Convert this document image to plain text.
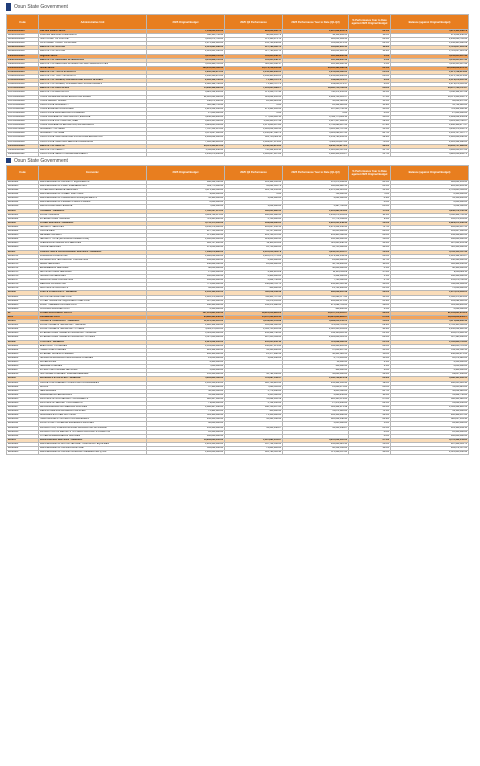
Osun State Government
Code	Administrative Unit	2025 Original Budget	2025 Q2 Performance	2025 Performance Year to Date (Q1-Q2)	% Performance Year to Date against 2025 Original Budget	Balance (against Original Budget)
0000000000000	Law and Justice Sector	7,139,603,035.00	881,043,630.71	1,867,022,261.78	26.1%	5,272,141,358.78
0100100000100	JUDICIAL SERVICE COMMISSION	568,163,743.00	48,008,103.72	94,119,484.35	16.6%	474,044,258.65
0100100100100	HIGH COURT OF JUSTICE	3,045,271,793.00	373,126,174.70	803,251,009.34	26.4%	2,242,020,783.66
0100100200100	CUSTOMARY COURT OF APPEAL	1,473,934,883.00	141,726,446.88	331,009,874.31	22.5%	1,142,925,008.69
0100200000000	MINISTRY OF JUSTICE	2,124,681,338.00	317,796,483.70	400,831,916.41	18.9%	1,723,817,613.59
0100200100100	MINISTRY OF JUSTICE	2,124,681,338.00	317,796,483.70	400,831,916.41	18.9%	1,723,817,613.59
0400000000000	Regional Sector	3,341,928,712.00	116,345,346.17	185,148,902.58	5.5%	3,156,355,607.42
0400100000000	MINISTRY OF REGIONAL INTEGRATION	3,341,928,712.00	116,345,346.17	185,148,902.58	5.5%	3,156,355,607.42
0400100100100	MINISTRY OF REGIONAL INTEGRATION AND SPECIAL DUTIES	3,341,928,712.00	116,345,346.17	185,148,902.58	5.5%	3,156,355,607.42
0500000000000	Social Sector	180,841,336,583.00	14,779,748,650.38	36,402,490,368.59	20.1%	144,438,848,214.41
0510000000000	MINISTRY OF YOUTH & SPORTS	1,930,566,270.00	1,044,483,263.05	1,254,646,490.04	21.0%	1,675,749,879.96
0510100100100	MINISTRY OF YOUTH & SPORTS	1,930,566,270.00	1,044,483,263.05	1,254,646,490.04	21.0%	1,675,749,879.96
0514000000000	MINISTRY OF WOMEN, CHILDREN AND SOCIAL AFFAIRS	2,618,122,760.00	71,183,707.73	139,066,579.57	6.0%	2,479,076,305.43
0514100100100	MINISTRY OF WOMEN, CHILDREN AND SOCIAL AFFAIRS	2,618,122,760.00	71,183,707.73	139,066,579.57	6.0%	2,479,076,305.43
0517000000000	MINISTRY OF EDUCATION	55,938,489,092.00	7,661,665,098.27	18,380,753,793.03	24.8%	36,657,736,547.97
0517100100100	MINISTRY OF EDUCATION	6,823,512,463.00	371,318,747.46	760,471,453.01	13.5%	5,346,162,007.99
0517100200100	STATE UNIVERSAL BASIC EDUCATION BOARD	22,120,021,080.00	614,862,463.04	2,999,740,081.37	17.1%	16,571,340,845.71
0517100600100	STATE LIBRARY BOARD	148,871,960.00	26,380,024.92	56,052,522.09	15.5%	92,819,437.91
0517101000100	OSUN STATE UNIVERSITY	118,399,755.00	0.00	16,544,810.00	13.9%	55,714,810.00
0517101100100	STATE EXAMINATIONS BOARD	1,221,352,030.00	471,421,183.06	857,465,743.52	45.6%	714,402,866.48
0517101200100	OSUN STATE MASS EDUCATION AGENCY	27,000,000.00	0.00	0.00	0.0%	27,000,000.00
0517101400100	STATE COLLEGE OF TECHNOLOGY, ESA-OKE	3,246,388,200.00	777,038,095.13	1,356,775,963.11	41.8%	1,889,612,236.89
0517100800100	OSUN STATE POLYTECHNIC, IREE	4,912,385,380.00	1,111,386,147.49	1,917,507,889.33	39.4%	3,001,586,790.67
0517102100100	STATE COLLEGE OF EDUCATION, ILA-ORANGUN	4,024,845,345.00	1,071,886,107.88	1,734,696,867.53	67.9%	1,290,148,477.47
0517102700100	UNIVERSITY OF ILESA	7,147,511,870.00	1,803,854,393.36	5,005,161,797.36	53.5%	3,442,370,653.70
0517102800100	UNIVERSITY OF IKIRE	4,372,827,000.00	1,130,897,568.78	3,681,098,067.10	28.7%	1,051,787,567.77
0517105500100	OSUN STATE TECHNICAL AND VOCATIONAL EDUCATION	2,962,842,000.00	285,705,328.11	1,159,793,941.55	49.9%	1,803,048,058.45
0517106000100	OSUN STATE TEACHING SERVICE COMMISSION	7,606,396,985.00	1,089,617,079.00	5,601,034,117.00	73.6%	2,005,362,868.00
0521000000000	MINISTRY OF HEALTH	23,578,403,870.00	2,546,504,979.60	9,943,754,977.25	38.3%	13,634,717,893.60
0521100100100	MINISTRY OF HEALTH	1,111,884,440.00	750,362,201.50	1,016,683,597.86	41.7%	3,992,230,657.66
0521100800100	OSUN STATE HEALTH INSURANCE AGENCY	1,450,076,950.00	1,083,847,867.04	1,986,958,035.27	31.7%	3,420,018,294.73
Osun State Government
Code	Economic	2025 Original Budget	2025 Q2 Performance	2025 Performance Year to Date (Q1-Q2)	% Performance Year to Date against 2025 Original Budget	Balance (against Original Budget)
22020404	MAINTENANCE OF OFFICE / IT EQUIPMENTS	860,534,530.00	101,164,345.00	178,673,649.00	20.5%	683,841,851.00
22020405	MAINTENANCE OF PLANTS/GENERATORS	309,775,000.00	63,821,303.72	106,209,928.54	23.3%	285,505,491.46
22020499	OTHER MAINTENANCE SERVICES	3,871,140,500.00	801,752,133.00	2,170,534,613.00	56.1%	1,701,885,584.00
22020412	MAINTENANCE OF STREET LIGHTINGS	9,000,000.00	0.00	700,000.00	7.8%	8,300,000.00
22020413	MAINTENANCE OF COMMUNICATION EQUIPMENTS	45,180,000.00	1,012,800.00	4,021,600.00	8.9%	41,158,400.00
22020414	MAINTENANCE OF PRIMARY/PUBLIC PLACES	8,000,000.00			0.0%	8,000,000.00
22020419	MINOR ROAD MAINTENANCE	7,004,000.00	1,054,000.00	5,997,700.00	85.6%	6,012,300.00
220205	TRAINING - GENERAL	7,530,567,070.00	480,201,890.00	1,291,994,524.82	17.2%	6,238,572,545.18
22020501	LOCAL TRAINING	6,809,749,875.00	480,001,890.00	1,234,270,191.82	18.1%	5,566,484,763.18
22020502	INTERNATIONAL TRAINING	721,465,200.00	3,700,000.00	67,774,349.00	9.4%	653,670,851.00
220206	OTHER SERVICES - GENERAL	6,741,175,400.00	609,608,082.81	2,912,001,249.42	50.0%	2,829,371,658.58
22020601	SECURITY SERVICES	4,142,579,000.00	205,867,136.56	2,272,352,132.45	76.7%	963,223,867.55
22020602	OFFICE RENT	217,700,000.00	55,707,000.00	56,613,000.00	26.0%	181,087,000.00
22020603	RESIDENTIAL RENT	375,900,000.00	201,740,578.00	231,485,580.00	61.6%	144,419,422.00
22020604	SECURITY VOTE (INCLUDING OPERATIONS)	1,000,000,000.00	129,000,000.00	163,120,000.00	51.8%	836,880,000.00
22020605	CLEANING & FUMIGATION SERVICES	802,707,400.00	50,011,113.86	115,665,448.51	34.4%	687,041,951.49
22020606	OFFICE SERVICES	174,250,000.00	10,750,800.00	63,755,600.00	42.2%	110,500,000.00
220207	CONSULTING & PROFESSIONAL SERVICES - GENERAL	7,638,676,980.00	2,010,253,529.79	3,844,515,013.57	50.3%	3,794,154,537.43
22020701	FINANCIAL CONSULTING	1,880,819,000.00	1,410,075,773.86	2,379,132,149.12	61.0%	1,091,122,613.87
22020702	INFORMATION TECHNOLOGY CONSULTING	162,600,000.00	4,500,000.00	22,280,000.00	13.7%	140,320,000.00
22020703	LEGAL SERVICES	440,289,360.00	26,009,800.00	46,759,200.00	10.6%	393,489,160.00
22020704	ENGINEERING SERVICES	98,250,000.00		38,000,000.00	0.1%	98,100,000.00
22020705	ARCHITECTURAL SERVICES	17,200,000.00	4,104,415.89	11,113,311.89	47.2%	9,086,884.11
22020706	SURVEYING SERVICES	100,000,000.00	2,900,000.00	3,412,000.00	3.1%	196,588,000.00
22020707	AGRICULTURAL CONSULTING	163,000,000.00	3,602,750.00	7,723,300.00	4.7%	155,276,700.00
22020708	MEDICAL CONSULTING	775,600,000.00	138,828,705.75	232,965,310.96	30.0%	542,634,689.04
22020709	AUDITING OF ACCOUNTS	92,600,000.00	950,000.00	21,761,200.00	23.5%	70,838,800.00
220208	FUEL & LUBRICANTS - GENERAL	2,434,160,000.00	580,259,169.39	986,268,805.39	36.6%	1,857,876,094.61
22020801	MOTOR VEHICLE FUEL COST	1,805,170,000.00	311,901,707.00	700,690,577.00	38.3%	1,392,473,221.00
22020802	OTHER TRANSPORT EQUIPMENT FUEL COST	307,450,000.00	61,378,355.00	202,684,675.00	65.9%	104,294,895.00
22020803	PLANT / GENERATOR FUEL COST	938,440,000.00	132,471,088.23	275,094,781.25	32.8%	561,346,218.80
22020806	COOKING GAS/FUEL COST	6,500,000.00		420,400.00	6.5%	6,069,600.00
22	OTHER RECURRENT COSTS	137,301,961,060.00	19,814,056,928.26	46,137,176,013.67	33.6%	91,164,861,951.23
2201	OVERHEAD COST	85,890,461,940.00	15,137,560,861.44	23,325,604,994.67	27.2%	58,564,856,945.27
220201	TRAVEL & TRANSPORT - GENERAL	11,378,533,310.00	3,459,634,104.99	6,399,053,153.51	55.8%	5,371,828,806.46
22020101	LOCAL TRAVEL & TRANSPORT: TRAINING	1,428,102,000.00	635,062,300.00	721,059,715.00	29.9%	1,702,145,383.00
22020102	LOCAL TRAVEL & TRANSPORT: OTHERS	4,801,378,110.00	1,584,753,403.99	2,310,363,191.86	48.9%	2,430,014,918.44
22020103	INTERNATIONAL TRAVEL & TRANSPORT: TRAINING	1,112,000,000.00	232,462,742.00	256,126,116.50	21.1%	955,873,883.50
22020104	INTERNATIONAL TRAVEL & TRANSPORT: OTHERS	1,117,000,000.00	997,353,569.00	2,091,048,301.15	82.2%	507,195,180.85
220202	UTILITIES - GENERAL	2,021,022,000.00	235,005,233.16	514,639,383.06	25.5%	1,506,903,716.94
22020201	ELECTRICITY CHARGES	1,331,200,000.00	130,207,674.00	354,366,285.00	26.6%	968,833,715.00
22020202	TELEPHONE CHARGES	224,142,000.00	34,566,960.00	67,830,497.50	30.3%	156,511,502.50
22020203	INTERNET ACCESS CHARGES	293,100,000.00	25,177,968.12	46,441,326.15	15.8%	246,660,475.61
22020204	SATELLITE BROADCASTING ACCESS CHARGES	21,050,000.00	1,254,040.02	2,775,185.00	13.2%	18,274,820.00
22020205	WATER RATES	2,400,000.00		50,000.00	2.1%	2,350,000.00
22020206	SEWAGE CHARGES	7,000,000.00		150,000.00	2.1%	6,850,000.00
22020207	INTRACTIVE CHANNEL NETWORK	5,000,000.00		100,000.00	2.0%	4,900,000.00
22020210	SOFTWARE CHARGES / LICENSE RENEWAL	135,500,000.00	43,791,350.00	43,860,000.00	32.4%	89,837,930.00
220203	MATERIALS & SUPPLIES - GENERAL	5,834,900,580.00	551,697,139.37	1,336,738,979.59	22.9%	4,498,161,603.41
22020301	OFFICE STATIONERIES / COMPUTER CONSUMABLES	1,195,538,250.00	128,768,423.00	234,922,633.60	19.6%	960,615,616.40
22020302	BOOKS	67,100,000.00	7,220,565.00	15,066,175.00	23.8%	51,033,825.00
22020303	NEWSPAPERS	46,416,300.00	5,779,840.00	9,603,580.00	20.7%	36,812,820.00
22020304	MAGAZINES & PERIODICALS	35,309,000.00	1,355,500.00	3,626,250.00	10.3%	31,682,750.00
22020305	PRINTING OF NON SECURITY DOCUMENTS	818,437,000.00	55,222,633.59	220,125,379.00	27.0%	596,381,620.21
22020306	PRINTING OF SECURITY DOCUMENTS	79,840,000.00	5,702,050.00	17,970,950.00	22.5%	61,869,050.00
22020307	DRUGS/LABORATORY/MEDICAL SUPPLIES	1,886,947,192.00	188,708,197.00	381,582,971.49	20.2%	1,504,364,220.51
22020308	FIELD & CAMPING MATERIALS SUPPLIES	73,981,810.00	956,000.00	51,871,810.00	70.1%	22,110,000.00
22020309	UNIFORMS & OTHER CLOTHING	591,100,000.00	71,150,000.00	191,150,962.00	32.3%	400,949,037.00
22020310	TEACHING AIDS / INSTRUCTION MATERIALS	445,450,500.00	45,321,346.66	120,632,148.60	26.9%	328,817,851.40
22020311	FOOD STUFF / CATERING MATERIALS SUPPLIES	90,000,000.00		5,035,000.00	5.6%	84,965,000.00
22020312	PRODUCTION, PUBLICATION AND CIRCULATION OF ANNUAL	135,500,000.00	34,331,140.87	34,331,140.87	25.3%	101,168,859.13
22020313	PRODUCTION OF REPORTS TO PUBLIC ACCOUNTS COMMITTE	10,300,000.00			0.0%	10,300,000.00
22020314	OTHER MISCELLANEOUS SUPPLIES	100,000,000.00			0.0%	100,000,000.00
220204	MAINTENANCE SERVICES - GENERAL	10,933,634,350.00	1,097,891,654.97	3,955,202,305.00	37.1%	6,701,432,044.95
22020401	MAINTENANCE OF MOTOR VEHICLE / TRANSPORT EQUIPMEN	1,401,500,000.00	347,714,556.23	433,260,625.30	31.0%	967,389,381.75
22020402	MAINTENANCE OF OFFICE FURNITURE	563,824,850.00	74,281,993.00	96,552,343.00	16.6%	484,272,507.00
22020403	MAINTENANCE OF OFFICE / BUILDING / RESIDENTIAL QTRS	1,495,000,000.00	605,796,585.93	575,368,347.00	38.0%	2,513,603,652.92
